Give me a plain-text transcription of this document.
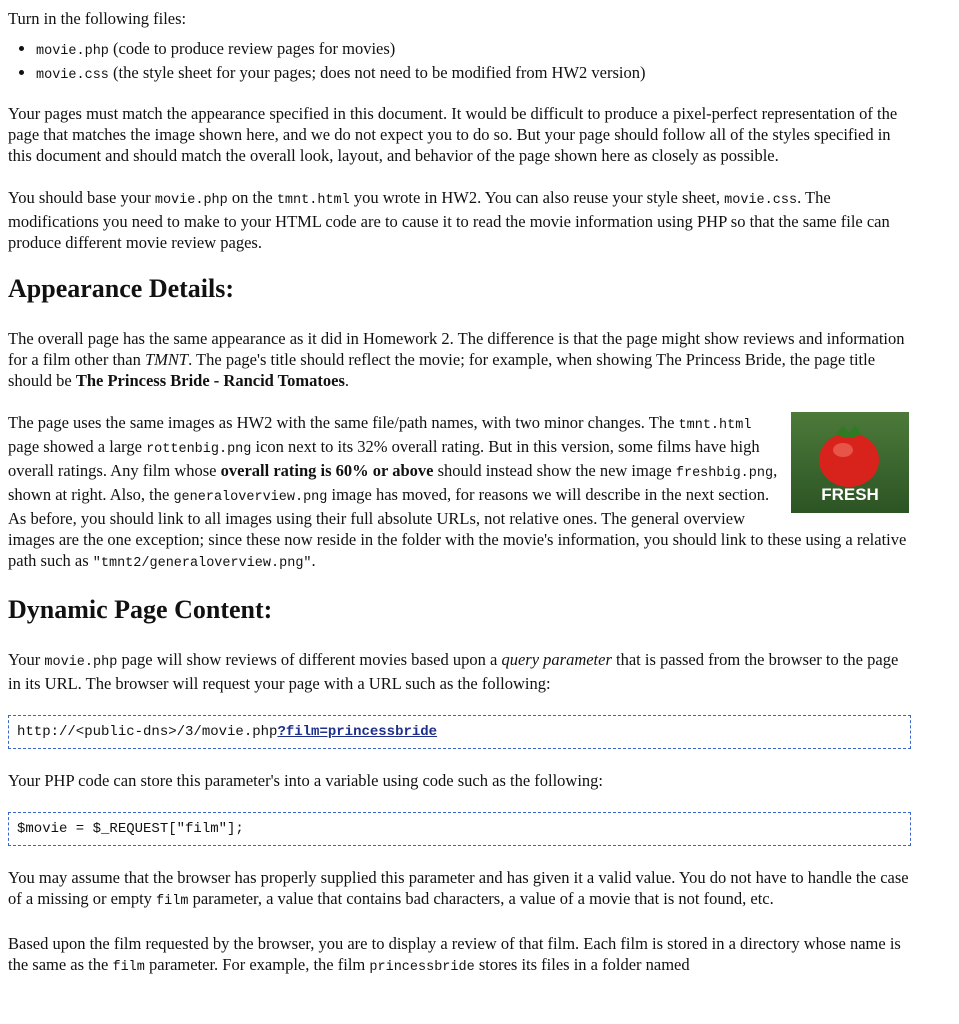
Turn in the following files:

• movie.php (code to produce review pages for movies)
• movie.css (the style sheet for your pages; does not need to be modified from HW2 version)

Your pages must match the appearance specified in this document. It would be difficult to produce a pixel-perfect representation of the page that matches the image shown here, and we do not expect you to do so. But your page should follow all of the styles specified in this document and should match the overall look, layout, and behavior of the page shown here as closely as possible.

You should base your movie.php on the tmnt.html you wrote in HW2. You can also reuse your style sheet, movie.css. The modifications you need to make to your HTML code are to cause it to read the movie information using PHP so that the same file can produce different movie review pages.

Appearance Details:

The overall page has the same appearance as it did in Homework 2. The difference is that the page might show reviews and information for a film other than TMNT. The page's title should reflect the movie; for example, when showing The Princess Bride, the page title should be The Princess Bride - Rancid Tomatoes.

FRESH
The page uses the same images as HW2 with the same file/path names, with two minor changes. The tmnt.html page showed a large rottenbig.png icon next to its 32% overall rating. But in this version, some films have high overall ratings. Any film whose overall rating is 60% or above should instead show the new image freshbig.png, shown at right. Also, the generaloverview.png image has moved, for reasons we will describe in the next section. As before, you should link to all images using their full absolute URLs, not relative ones. The general overview images are the one exception; since these now reside in the folder with the movie's information, you should link to these using a relative path such as "tmnt2/generaloverview.png".

Dynamic Page Content:

Your movie.php page will show reviews of different movies based upon a query parameter that is passed from the browser to the page in its URL. The browser will request your page with a URL such as the following:

http://<public-dns>/3/movie.php?film=princessbride

Your PHP code can store this parameter's into a variable using code such as the following:

$movie = $_REQUEST["film"];

You may assume that the browser has properly supplied this parameter and has given it a valid value. You do not have to handle the case of a missing or empty film parameter, a value that contains bad characters, a value of a movie that is not found, etc.

Based upon the film requested by the browser, you are to display a review of that film. Each film is stored in a directory whose name is the same as the film parameter. For example, the film princessbride stores its files in a folder named
